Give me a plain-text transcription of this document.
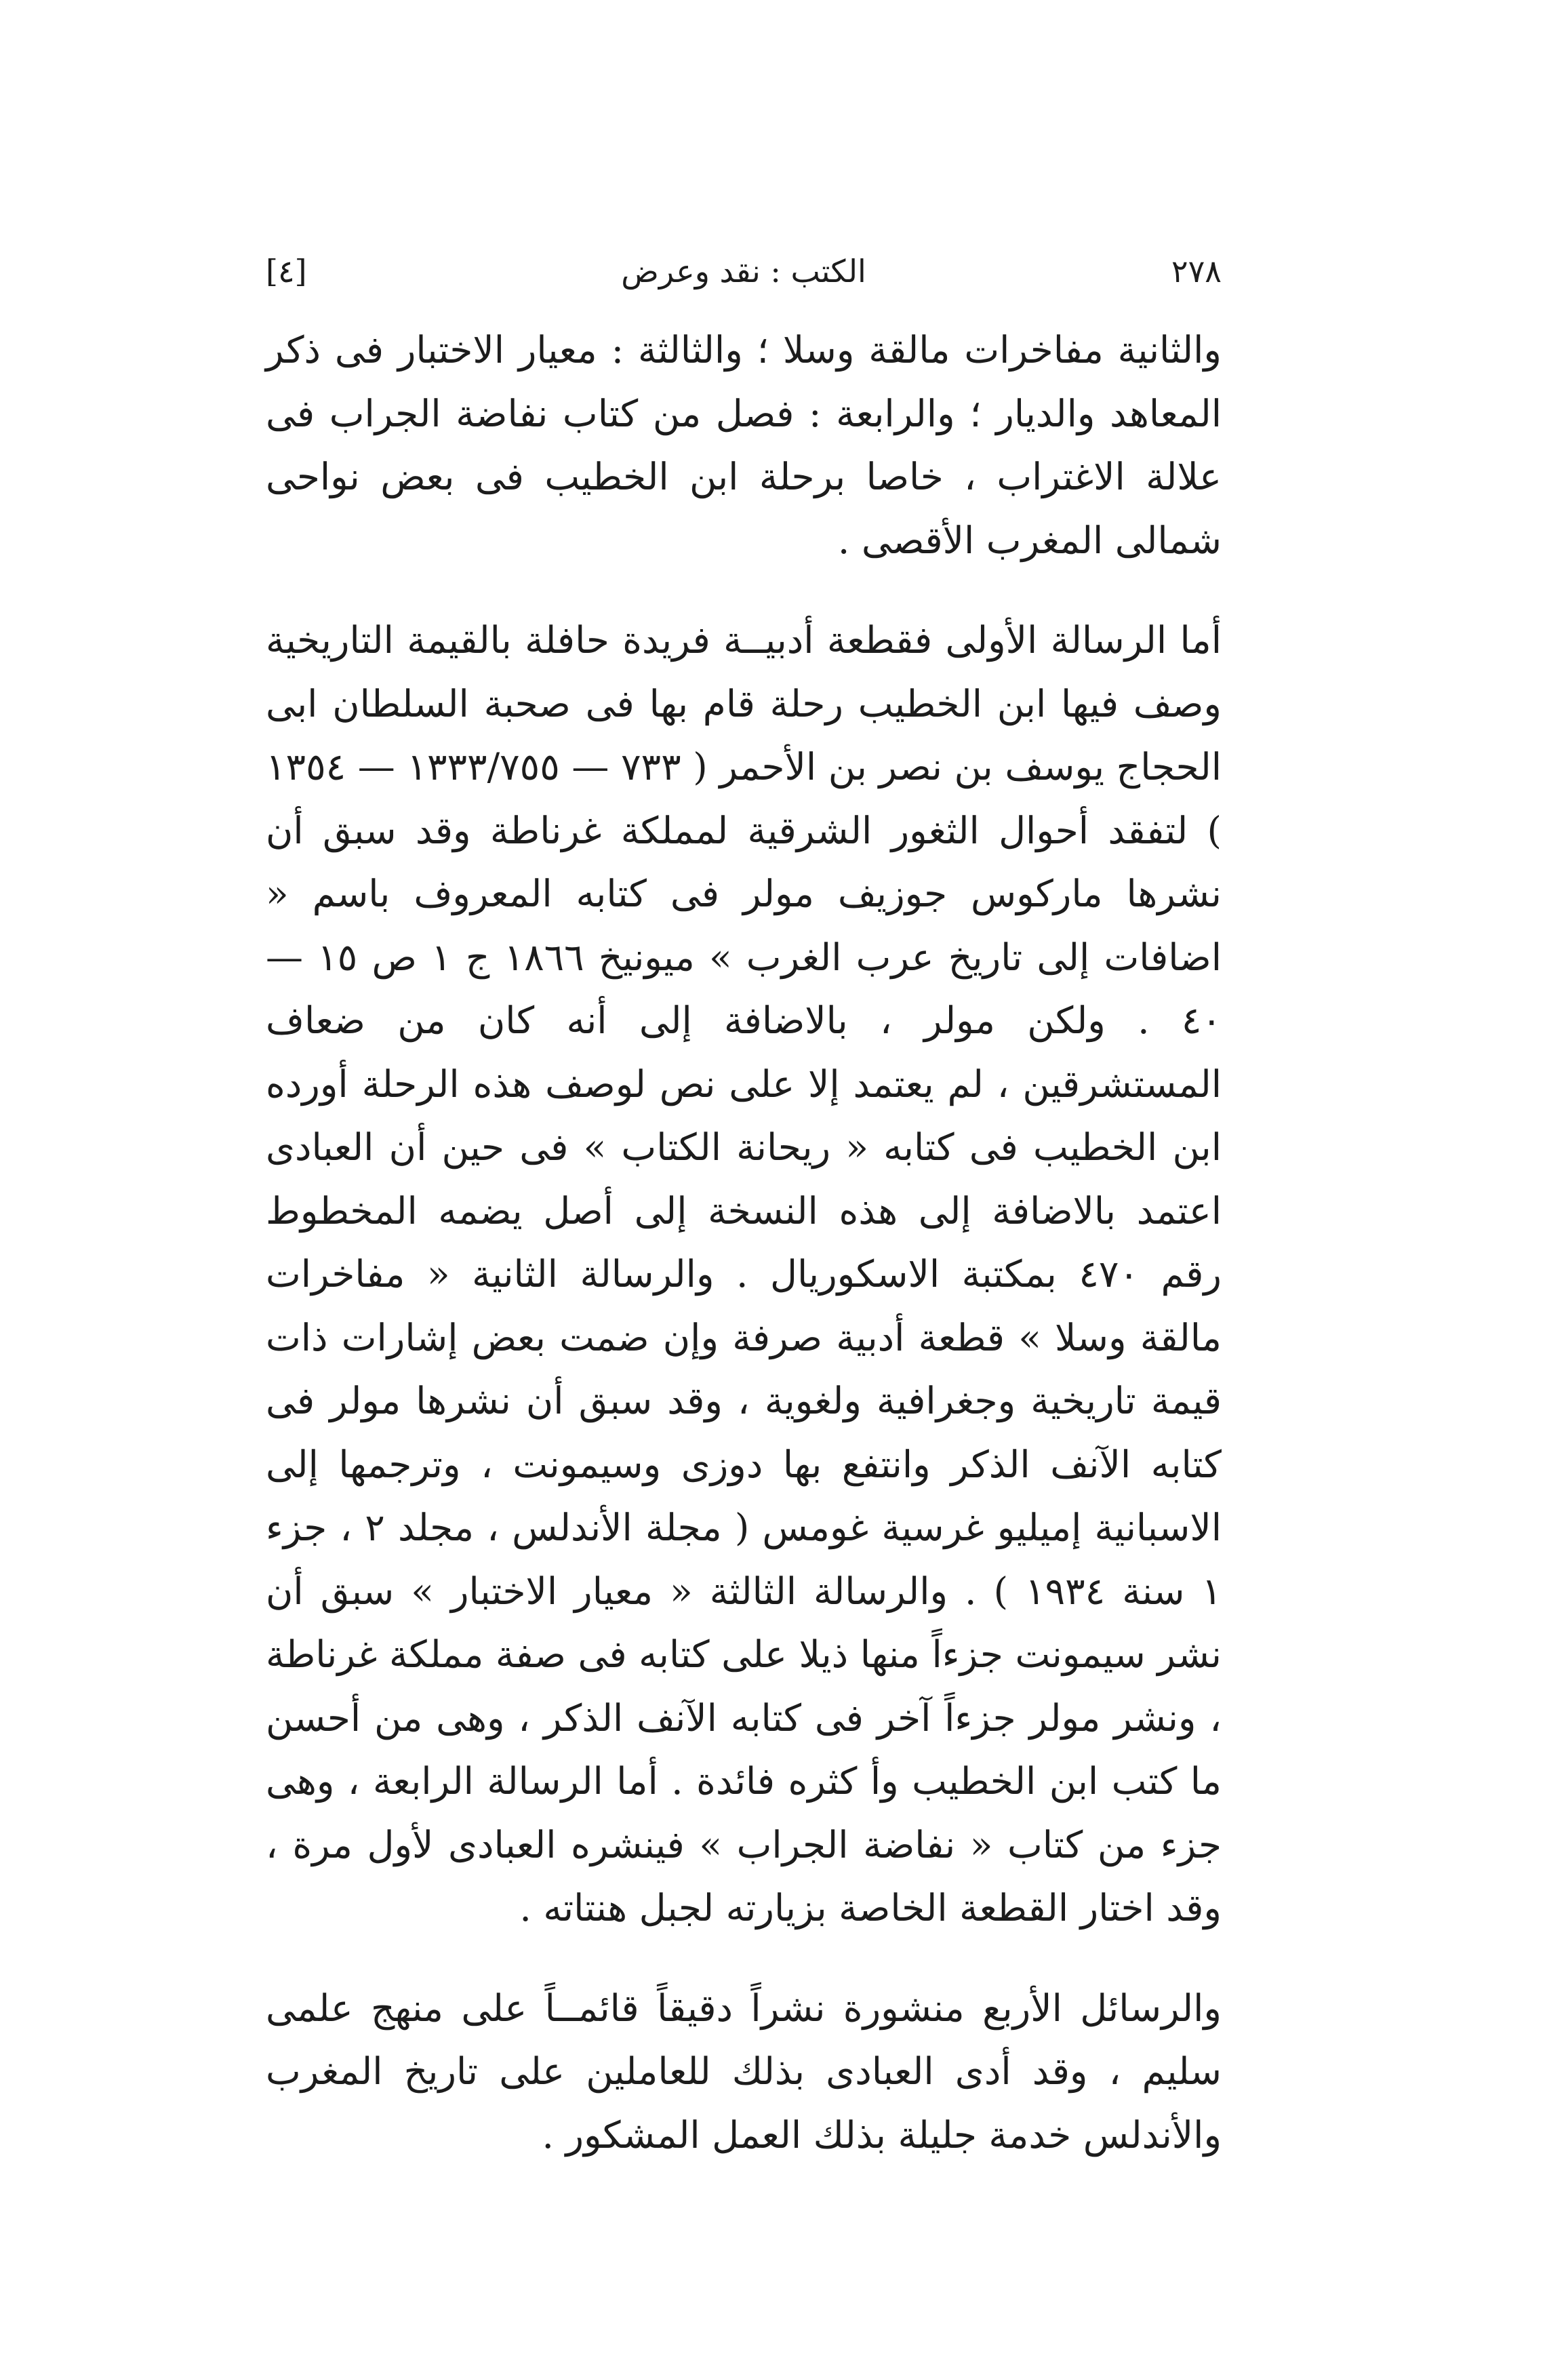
٢٧٨
الكتب : نقد وعرض
[٤]

والثانية مفاخرات مالقة وسلا ؛ والثالثة : معيار الاختبار فى ذكر المعاهد والديار ؛ والرابعة : فصل من كتاب نفاضة الجراب فى علالة الاغتراب ، خاصا برحلة ابن الخطيب فى بعض نواحى شمالى المغرب الأقصى .

أما الرسالة الأولى فقطعة أدبيــة فريدة حافلة بالقيمة التاريخية وصف فيها ابن الخطيب رحلة قام بها فى صحبة السلطان ابى الحجاج يوسف بن نصر بن الأحمر ( ٧٣٣ — ١٣٣٣/٧٥٥ — ١٣٥٤ ) لتفقد أحوال الثغور الشرقية لمملكة غرناطة وقد سبق أن نشرها ماركوس جوزيف مولر فى كتابه المعروف باسم « اضافات إلى تاريخ عرب الغرب » ميونيخ ١٨٦٦ ج ١ ص ١٥ — ٤٠ . ولكن مولر ، بالاضافة إلى أنه كان من ضعاف المستشرقين ، لم يعتمد إلا على نص لوصف هذه الرحلة أورده ابن الخطيب فى كتابه « ريحانة الكتاب » فى حين أن العبادى اعتمد بالاضافة إلى هذه النسخة إلى أصل يضمه المخطوط رقم ٤٧٠ بمكتبة الاسكوريال . والرسالة الثانية « مفاخرات مالقة وسلا » قطعة أدبية صرفة وإن ضمت بعض إشارات ذات قيمة تاريخية وجغرافية ولغوية ، وقد سبق أن نشرها مولر فى كتابه الآنف الذكر وانتفع بها دوزى وسيمونت ، وترجمها إلى الاسبانية إميليو غرسية غومس ( مجلة الأندلس ، مجلد ٢ ، جزء ١ سنة ١٩٣٤ ) . والرسالة الثالثة « معيار الاختبار » سبق أن نشر سيمونت جزءاً منها ذيلا على كتابه فى صفة مملكة غرناطة ، ونشر مولر جزءاً آخر فى كتابه الآنف الذكر ، وهى من أحسن ما كتب ابن الخطيب وأ كثره فائدة . أما الرسالة الرابعة ، وهى جزء من كتاب « نفاضة الجراب » فينشره العبادى لأول مرة ، وقد اختار القطعة الخاصة بزيارته لجبل هنتاته .

والرسائل الأربع منشورة نشراً دقيقاً قائمــاً على منهج علمى سليم ، وقد أدى العبادى بذلك للعاملين على تاريخ المغرب والأندلس خدمة جليلة بذلك العمل المشكور .
